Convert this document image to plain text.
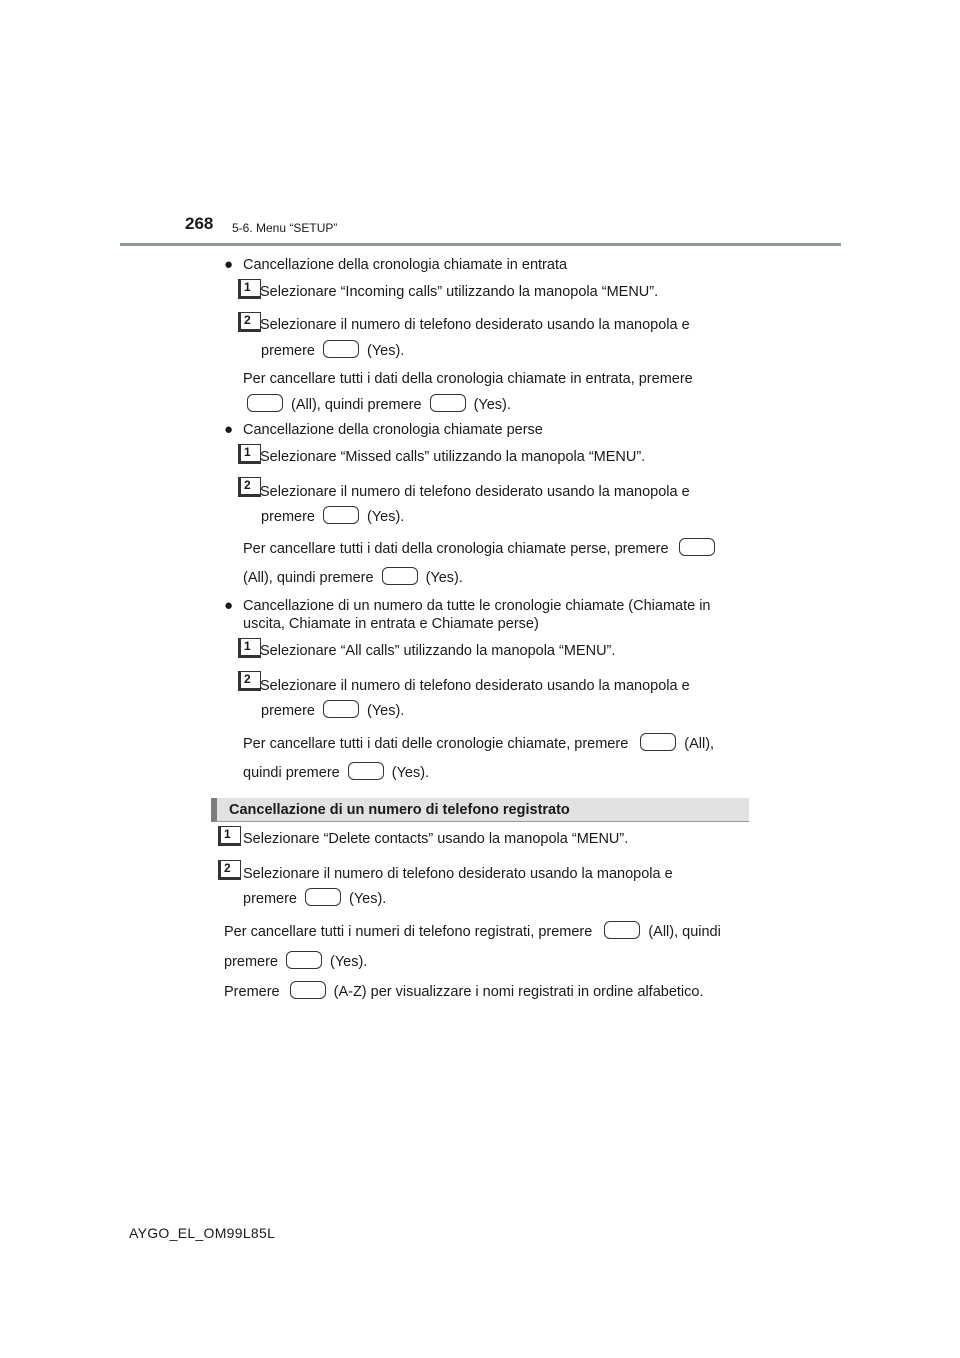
268 5-6. Menu “SETUP”
● Cancellazione della cronologia chiamate in entrata
1 Selezionare “Incoming calls” utilizzando la manopola “MENU”.
2 Selezionare il numero di telefono desiderato usando la manopola e
premere	(Yes).
Per cancellare tutti i dati della cronologia chiamate in entrata, premere
(All), quindi premere	(Yes).
● Cancellazione della cronologia chiamate perse
1 Selezionare “Missed calls” utilizzando la manopola “MENU”.
2 Selezionare il numero di telefono desiderato usando la manopola e
premere	(Yes).
Per cancellare tutti i dati della cronologia chiamate perse, premere
(All), quindi premere	(Yes).
● Cancellazione di un numero da tutte le cronologie chiamate (Chiamate in
uscita, Chiamate in entrata e Chiamate perse)
1 Selezionare “All calls” utilizzando la manopola “MENU”.
2 Selezionare il numero di telefono desiderato usando la manopola e
premere	(Yes).
Per cancellare tutti i dati delle cronologie chiamate, premere	(All),
quindi premere	(Yes).
Cancellazione di un numero di telefono registrato
1 Selezionare “Delete contacts” usando la manopola “MENU”.
2 Selezionare il numero di telefono desiderato usando la manopola e
premere	(Yes).
Per cancellare tutti i numeri di telefono registrati, premere	(All), quindi
premere	(Yes).
Premere	(A-Z) per visualizzare i nomi registrati in ordine alfabetico.
AYGO_EL_OM99L85L
